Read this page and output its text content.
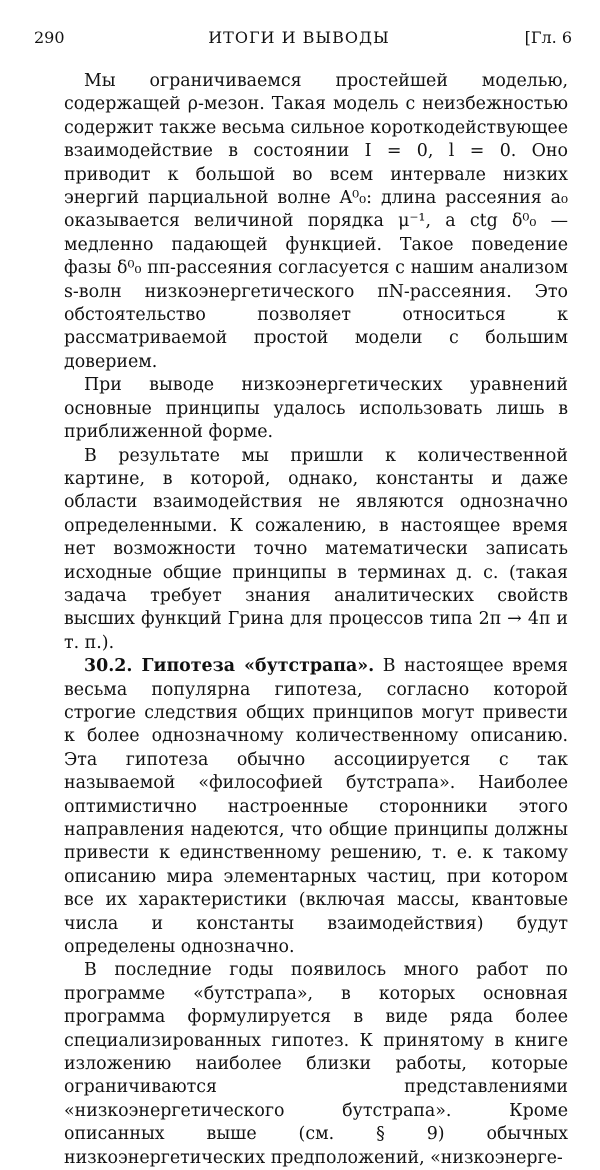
290	ИТОГИ И ВЫВОДЫ	[Гл. 6

Мы ограничиваемся простейшей моделью, содержащей ρ-мезон. Такая модель с неизбежностью содержит также весьма сильное короткодействующее взаимодействие в состоянии I = 0, l = 0. Оно приводит к большой во всем интервале низких энергий парциальной волне A⁰₀: длина рассеяния a₀ оказывается величиной порядка μ⁻¹, а ctg δ⁰₀ — медленно падающей функцией. Такое поведение фазы δ⁰₀ ππ-рассеяния согласуется с нашим анализом s-волн низкоэнергетического πN-рассеяния. Это обстоятельство позволяет относиться к рассматриваемой простой модели с большим доверием.

При выводе низкоэнергетических уравнений основные принципы удалось использовать лишь в приближенной форме.

В результате мы пришли к количественной картине, в которой, однако, константы и даже области взаимодействия не являются однозначно определенными. К сожалению, в настоящее время нет возможности точно математически записать исходные общие принципы в терминах д. с. (такая задача требует знания аналитических свойств высших функций Грина для процессов типа 2π → 4π и т. п.).

30.2. Гипотеза «бутстрапа». В настоящее время весьма популярна гипотеза, согласно которой строгие следствия общих принципов могут привести к более однозначному количественному описанию. Эта гипотеза обычно ассоциируется с так называемой «философией бутстрапа». Наиболее оптимистично настроенные сторонники этого направления надеются, что общие принципы должны привести к единственному решению, т. е. к такому описанию мира элементарных частиц, при котором все их характеристики (включая массы, квантовые числа и константы взаимодействия) будут определены однозначно.

В последние годы появилось много работ по программе «бутстрапа», в которых основная программа формулируется в виде ряда более специализированных гипотез. К принятому в книге изложению наиболее близки работы, которые ограничиваются представлениями «низкоэнергетического бутстрапа». Кроме описанных выше (см. § 9) обычных низкоэнергетических предположений, «низкоэнерге-
